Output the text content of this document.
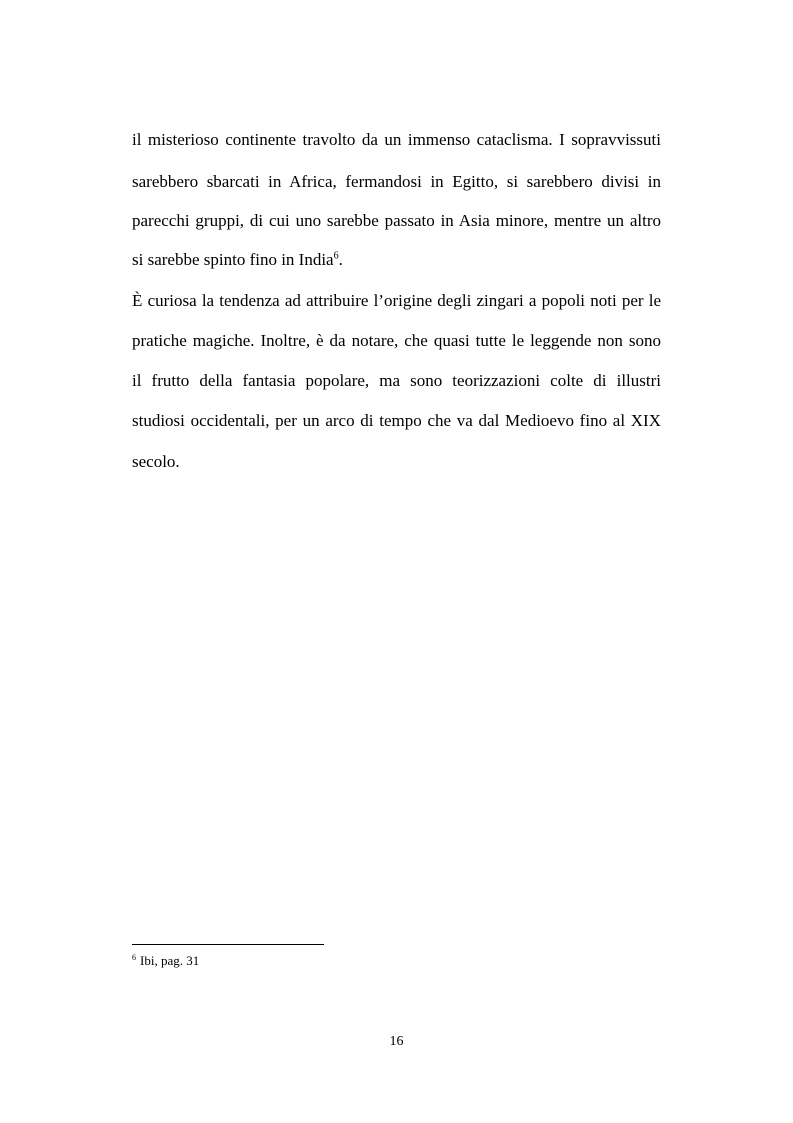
il misterioso continente travolto da un immenso cataclisma. I sopravvissuti
sarebbero sbarcati in Africa, fermandosi in Egitto, si sarebbero divisi in
parecchi gruppi, di cui uno sarebbe passato in Asia minore, mentre un altro
si sarebbe spinto fino in India$^6$.
È curiosa la tendenza ad attribuire l’origine degli zingari a popoli noti per le
pratiche magiche. Inoltre, è da notare, che quasi tutte le leggende non sono
il frutto della fantasia popolare, ma sono teorizzazioni colte di illustri
studiosi occidentali, per un arco di tempo che va dal Medioevo fino al XIX
secolo.
$^6$ Ibi, pag. 31
16
